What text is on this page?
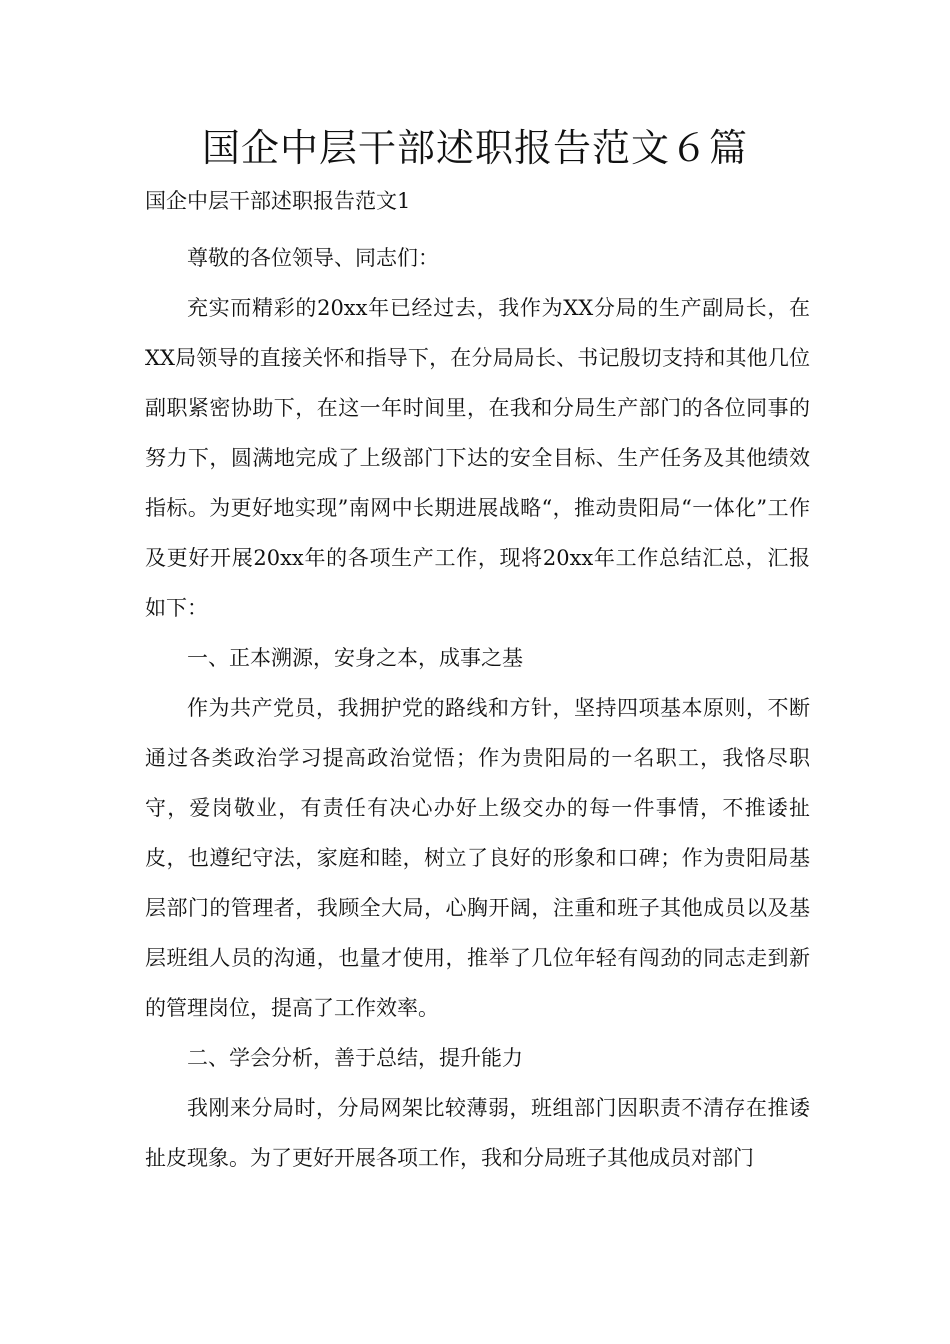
国企中层干部述职报告范文６篇

国企中层干部述职报告范文1

尊敬的各位领导、同志们：

充实而精彩的20xx年已经过去，我作为XX分局的生产副局长，在XX局领导的直接关怀和指导下，在分局局长、书记殷切支持和其他几位副职紧密协助下，在这一年时间里，在我和分局生产部门的各位同事的努力下，圆满地完成了上级部门下达的安全目标、生产任务及其他绩效指标。为更好地实现”南网中长期进展战略“，推动贵阳局“一体化”工作及更好开展20xx年的各项生产工作，现将20xx年工作总结汇总，汇报如下：

一、正本溯源，安身之本，成事之基

作为共产党员，我拥护党的路线和方针，坚持四项基本原则，不断通过各类政治学习提高政治觉悟；作为贵阳局的一名职工，我恪尽职守，爱岗敬业，有责任有决心办好上级交办的每一件事情，不推诿扯皮，也遵纪守法，家庭和睦，树立了良好的形象和口碑；作为贵阳局基层部门的管理者，我顾全大局，心胸开阔，注重和班子其他成员以及基层班组人员的沟通，也量才使用，推举了几位年轻有闯劲的同志走到新的管理岗位，提高了工作效率。

二、学会分析，善于总结，提升能力

我刚来分局时，分局网架比较薄弱，班组部门因职责不清存在推诿扯皮现象。为了更好开展各项工作，我和分局班子其他成员对部门
